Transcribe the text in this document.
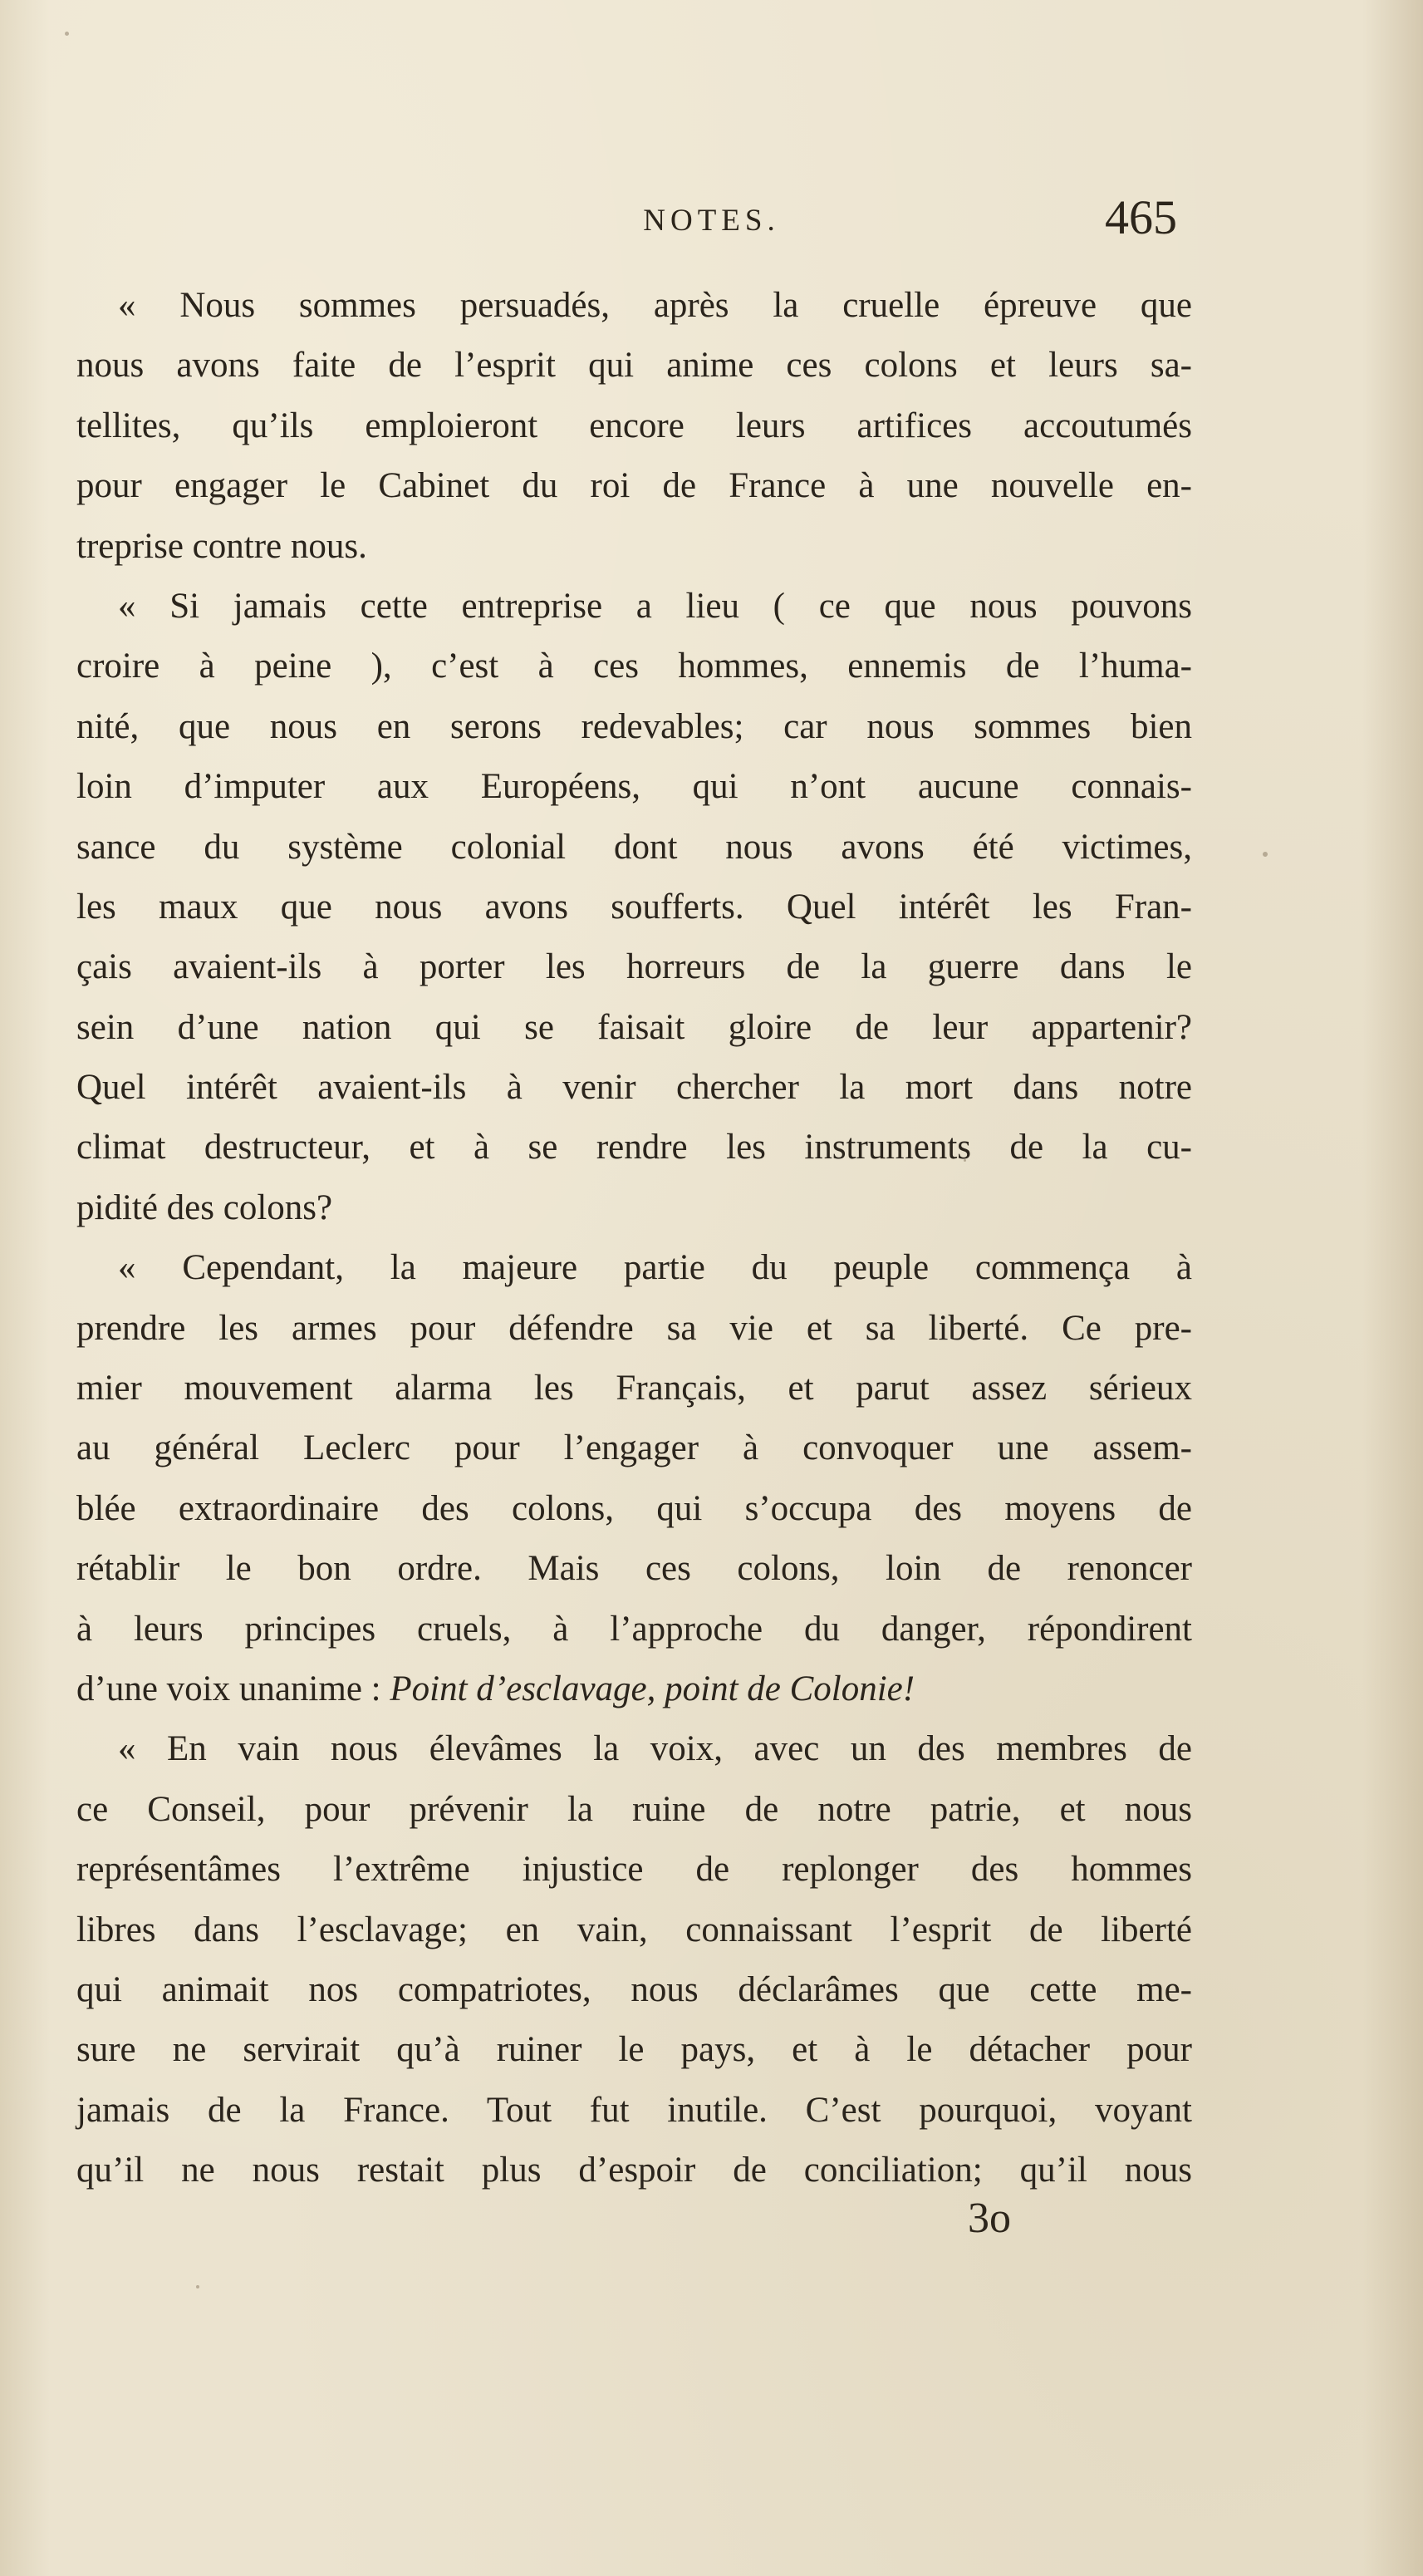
NOTES.	465
« Nous sommes persuadés, après la cruelle épreuve que
nous avons faite de l’esprit qui anime ces colons et leurs sa-
tellites, qu’ils emploieront encore leurs artifices accoutumés
pour engager le Cabinet du roi de France à une nouvelle en-
treprise contre nous.
« Si jamais cette entreprise a lieu ( ce que nous pouvons
croire à peine ), c’est à ces hommes, ennemis de l’huma-
nité, que nous en serons redevables; car nous sommes bien
loin d’imputer aux Européens, qui n’ont aucune connais-
sance du système colonial dont nous avons été victimes,
les maux que nous avons soufferts. Quel intérêt les Fran-
çais avaient-ils à porter les horreurs de la guerre dans le
sein d’une nation qui se faisait gloire de leur appartenir?
Quel intérêt avaient-ils à venir chercher la mort dans notre
climat destructeur, et à se rendre les instruments de la cu-
pidité des colons?
« Cependant, la majeure partie du peuple commença à
prendre les armes pour défendre sa vie et sa liberté. Ce pre-
mier mouvement alarma les Français, et parut assez sérieux
au général Leclerc pour l’engager à convoquer une assem-
blée extraordinaire des colons, qui s’occupa des moyens de
rétablir le bon ordre. Mais ces colons, loin de renoncer
à leurs principes cruels, à l’approche du danger, répondirent
d’une voix unanime : Point d’esclavage, point de Colonie!
« En vain nous élevâmes la voix, avec un des membres de
ce Conseil, pour prévenir la ruine de notre patrie, et nous
représentâmes l’extrême injustice de replonger des hommes
libres dans l’esclavage; en vain, connaissant l’esprit de liberté
qui animait nos compatriotes, nous déclarâmes que cette me-
sure ne servirait qu’à ruiner le pays, et à le détacher pour
jamais de la France. Tout fut inutile. C’est pourquoi, voyant
qu’il ne nous restait plus d’espoir de conciliation; qu’il nous
3o
